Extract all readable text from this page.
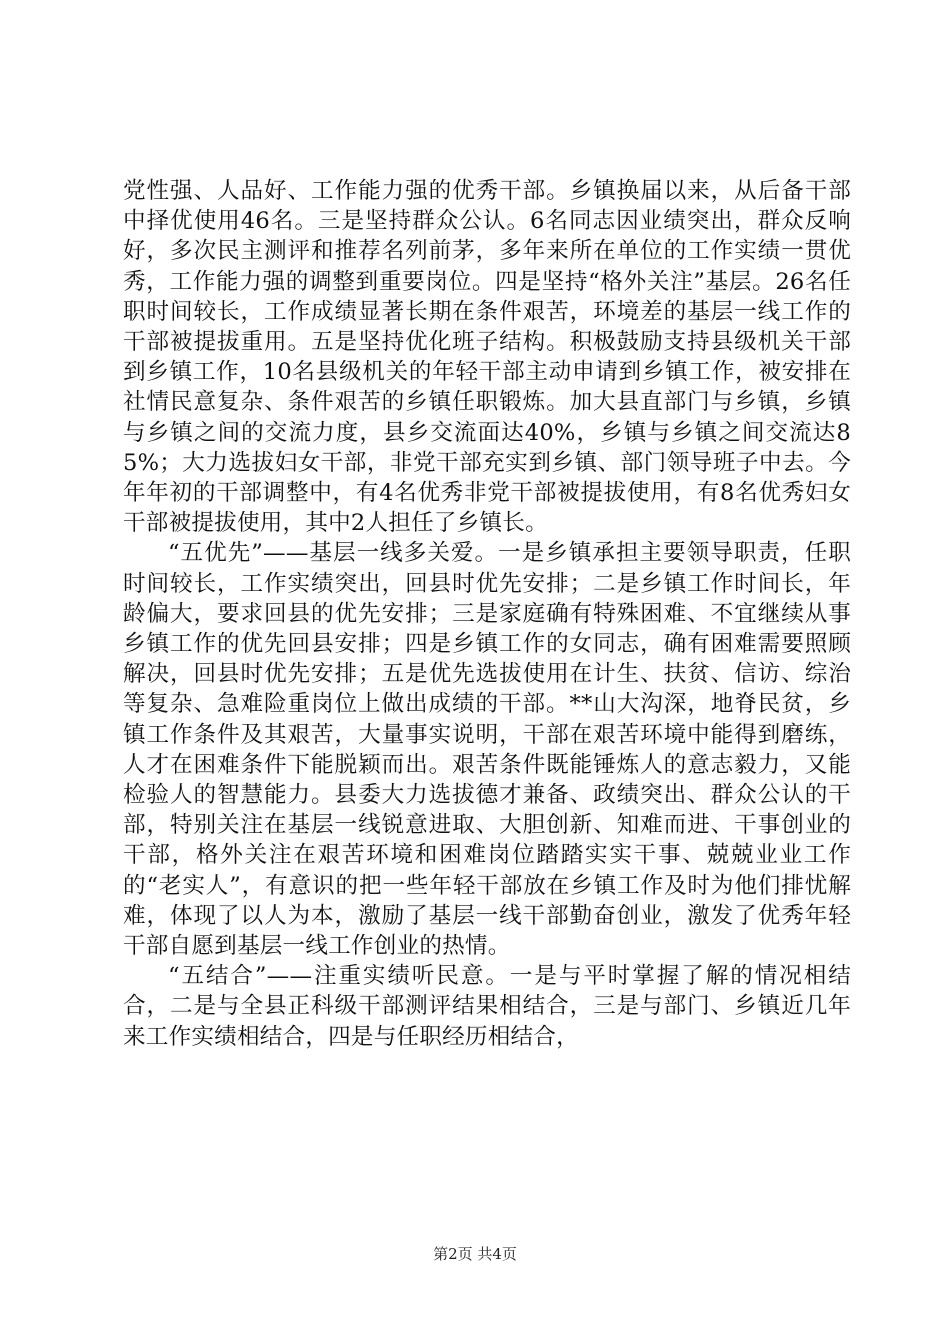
党性强、人品好、工作能力强的优秀干部。乡镇换届以来，从后备干部中择优使用46名。三是坚持群众公认。6名同志因业绩突出，群众反响好，多次民主测评和推荐名列前茅，多年来所在单位的工作实绩一贯优秀，工作能力强的调整到重要岗位。四是坚持“格外关注”基层。26名任职时间较长，工作成绩显著长期在条件艰苦，环境差的基层一线工作的干部被提拔重用。五是坚持优化班子结构。积极鼓励支持县级机关干部到乡镇工作，10名县级机关的年轻干部主动申请到乡镇工作，被安排在社情民意复杂、条件艰苦的乡镇任职锻炼。加大县直部门与乡镇，乡镇与乡镇之间的交流力度，县乡交流面达40%，乡镇与乡镇之间交流达85%；大力选拔妇女干部，非党干部充实到乡镇、部门领导班子中去。今年年初的干部调整中，有4名优秀非党干部被提拔使用，有8名优秀妇女干部被提拔使用，其中2人担任了乡镇长。

“五优先”——基层一线多关爱。一是乡镇承担主要领导职责，任职时间较长，工作实绩突出，回县时优先安排；二是乡镇工作时间长，年龄偏大，要求回县的优先安排；三是家庭确有特殊困难、不宜继续从事乡镇工作的优先回县安排；四是乡镇工作的女同志，确有困难需要照顾解决，回县时优先安排；五是优先选拔使用在计生、扶贫、信访、综治等复杂、急难险重岗位上做出成绩的干部。**山大沟深，地脊民贫，乡镇工作条件及其艰苦，大量事实说明，干部在艰苦环境中能得到磨练，人才在困难条件下能脱颖而出。艰苦条件既能锤炼人的意志毅力，又能检验人的智慧能力。县委大力选拔德才兼备、政绩突出、群众公认的干部，特别关注在基层一线锐意进取、大胆创新、知难而进、干事创业的干部，格外关注在艰苦环境和困难岗位踏踏实实干事、兢兢业业工作的“老实人”，有意识的把一些年轻干部放在乡镇工作及时为他们排忧解难，体现了以人为本，激励了基层一线干部勤奋创业，激发了优秀年轻干部自愿到基层一线工作创业的热情。

“五结合”——注重实绩听民意。一是与平时掌握了解的情况相结合，二是与全县正科级干部测评结果相结合，三是与部门、乡镇近几年来工作实绩相结合，四是与任职经历相结合，

第2页 共4页
